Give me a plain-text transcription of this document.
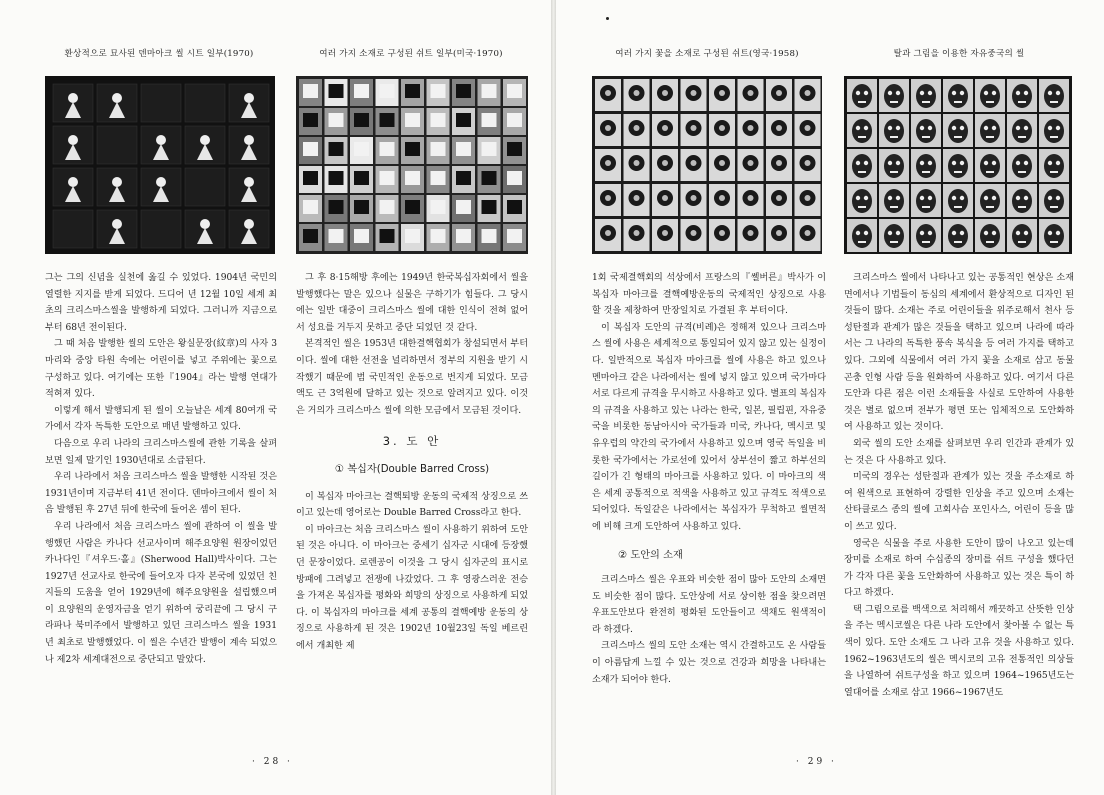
환상적으로 묘사된 덴마아크 씰 시트 일부(1970)	여러 가지 소재로 구성된 쉬트 일부(미국·1970)

그는 그의 신념을 실천에 옮길 수 있었다. 1904년 국민의 열렬한 지지를 받게 되었다. 드디어 년 12월 10일 세계 최초의 크리스마스씰을 발행하게 되었다. 그러니까 지금으로부터 68년 전이된다.

그 때 처음 발행한 씰의 도안은 왕실문장(紋章)의 사자 3마리와 중앙 타원 속에는 어린이를 넣고 주위에는 꽃으로 구성하고 있다. 여기에는 또한『1904』라는 발행 연대가 적혀져 있다.

이렇게 해서 발행되게 된 씰이 오늘날은 세계 80여개 국가에서 각자 독특한 도안으로 매년 발행하고 있다.

다음으로 우리 나라의 크리스마스씰에 관한 기록을 살펴보면 일제 말기인 1930년대로 소급된다.

우리 나라에서 처음 크리스마스 씰을 발행한 시작된 것은 1931년이며 지금부터 41년 전이다. 덴마아크에서 씰이 처음 발행된 후 27년 뒤에 한국에 들어온 셈이 된다.

우리 나라에서 처음 크리스마스 씰에 관하여 이 씰을 발행했던 사람은 카나다 선교사이며 해주요양원 원장이었던 카나다인『셔우드·홀』(Sherwood Hall)박사이다. 그는 1927년 선교사로 한국에 들어오자 다자 본국에 있었던 친지들의 도움을 얻어 1929년에 해주요양원을 설립했으며 이 요양원의 운영자금을 얻기 위하여 궁리끝에 그 당시 구라파나 북미주에서 발행하고 있던 크리스마스 씰을 1931년 최초로 발행했었다. 이 씰은 수년간 발행이 계속 되었으나 제2차 세계대전으로 중단되고 말았다.

그 후 8·15해방 후에는 1949년 한국복십자회에서 씰을 발행했다는 말은 있으나 실물은 구하기가 힘들다. 그 당시에는 일반 대중이 크리스마스 씰에 대한 인식이 전혀 없어서 성요를 거두지 못하고 중단 되었던 것 같다.

본격적인 씰은 1953년 대한결핵협회가 창설되면서 부터이다. 씰에 대한 선전을 널리하면서 정부의 지원을 받기 시작했기 때문에 범 국민적인 운동으로 번지게 되었다. 모금액도 근 3억원에 달하고 있는 것으로 알려지고 있다. 이것은 거의가 크리스마스 씰에 의한 모금에서 모금된 것이다.

3. 도 안
① 복십자(Double Barred Cross)

이 복십자 마아크는 결핵퇴방 운동의 국제적 상징으로 쓰이고 있는데 영어로는 Double Barred Cross라고 한다.

이 마아크는 처음 크리스마스 씰이 사용하기 위하여 도안된 것은 아니다. 이 마아크는 중세기 십자군 시대에 등장했던 문장이었다. 로렌공이 이것을 그 당시 십자군의 표시로 방패에 그려넣고 전쟁에 나갔었다. 그 후 영광스러운 전승을 가져온 복십자를 평화와 희망의 상징으로 사용하게 되었다. 이 복십자의 마아크를 세계 공통의 결핵예방 운동의 상징으로 사용하게 된 것은 1902년 10월23일 독일 베르린에서 개최한 제

· 28 ·
여러 가지 꽃을 소재로 구성된 쉬트(영국·1958)	탈과 그림을 이용한 자유중국의 씰

1회 국제결핵회의 석상에서 프랑스의『쎌버른』박사가 이 복십자 마아크를 결핵예방운동의 국제적인 상징으로 사용할 것을 제창하여 만장일치로 가결된 후 부터이다.

이 복십자 도안의 규격(비례)은 정해져 있으나 크리스마스 씰에 사용은 세계적으로 통일되어 있지 않고 있는 실정이다. 일반적으로 복십자 마아크를 씰에 사용은 하고 있으나 멘마아크 같은 나라에서는 씰에 넣지 않고 있으며 국가마다 서로 다르게 규격을 무시하고 사용하고 있다. 별표의 복십자의 규격을 사용하고 있는 나라는 한국, 일본, 필립핀, 자유중국을 비롯한 동남아시아 국가들과 미국, 카나다, 멕시코 및 유우럽의 약간의 국가에서 사용하고 있으며 영국 독일을 비롯한 국가에서는 가로선에 있어서 상부선이 짧고 하부선의 길이가 긴 형태의 마아크를 사용하고 있다. 이 마아크의 색은 세계 공통적으로 적색을 사용하고 있고 규격도 적색으로 되어있다. 독일같은 나라에서는 복십자가 무척하고 씰면적에 비해 크게 도안하여 사용하고 있다.

② 도안의 소재

크리스마스 씰은 우표와 비슷한 점이 많아 도안의 소재면도 비슷한 점이 많다. 도안상에 서로 상이한 점을 찾으려면 우표도안보다 완전히 평화된 도안들이고 색채도 원색적이라 하겠다.

크리스마스 씰의 도안 소재는 역시 간결하고도 온 사람들이 아름답게 느낄 수 있는 것으로 건강과 희망을 나타내는 소재가 되어야 한다.

크리스마스 씰에서 나타나고 있는 공통적인 현상은 소재면에서나 기법들이 동심의 세계에서 환상적으로 디자인 된 것들이 많다. 소재는 주로 어린이들을 위주로해서 천사 등 성탄절과 관계가 많은 것들을 택하고 있으며 나라에 따라서는 그 나라의 독특한 풍속 복식을 등 여러 가지를 택하고 있다. 그외에 식물에서 여러 가지 꽃을 소재로 삼고 동물 곤충 인형 사람 등을 원화하여 사용하고 있다. 여기서 다른 도안과 다른 점은 이런 소재들을 사실로 도안하여 사용한 것은 별로 없으며 전부가 평면 또는 입체적으로 도안화하여 사용하고 있는 것이다.

외국 씰의 도안 소재를 살펴보면 우리 인간과 관계가 있는 것은 다 사용하고 있다.

미국의 경우는 성탄절과 관계가 있는 것을 주소재로 하여 원색으로 표현하여 강렬한 인상을 주고 있으며 소재는 산타클로스 종의 씰에 고회사슴 포인사스, 어린이 등을 많이 쓰고 있다.

영국은 식물을 주로 사용한 도안이 많이 나오고 있는데 장미를 소재로 하여 수십종의 장미를 쉬트 구성을 했다던가 각자 다른 꽃을 도안화하여 사용하고 있는 것은 특이 하다고 하겠다.

택 그림으로를 백색으로 처리해서 깨끗하고 산뜻한 인상을 주는 멕시코씰은 다른 나라 도안에서 찾아볼 수 없는 특색이 있다. 도안 소재도 그 나라 고유 것을 사용하고 있다. 1962~1963년도의 씰은 멕시코의 고유 전통적인 의상들을 나열하여 쉬트구성을 하고 있으며 1964~1965년도는 열대어를 소재로 삼고 1966~1967년도

· 29 ·
